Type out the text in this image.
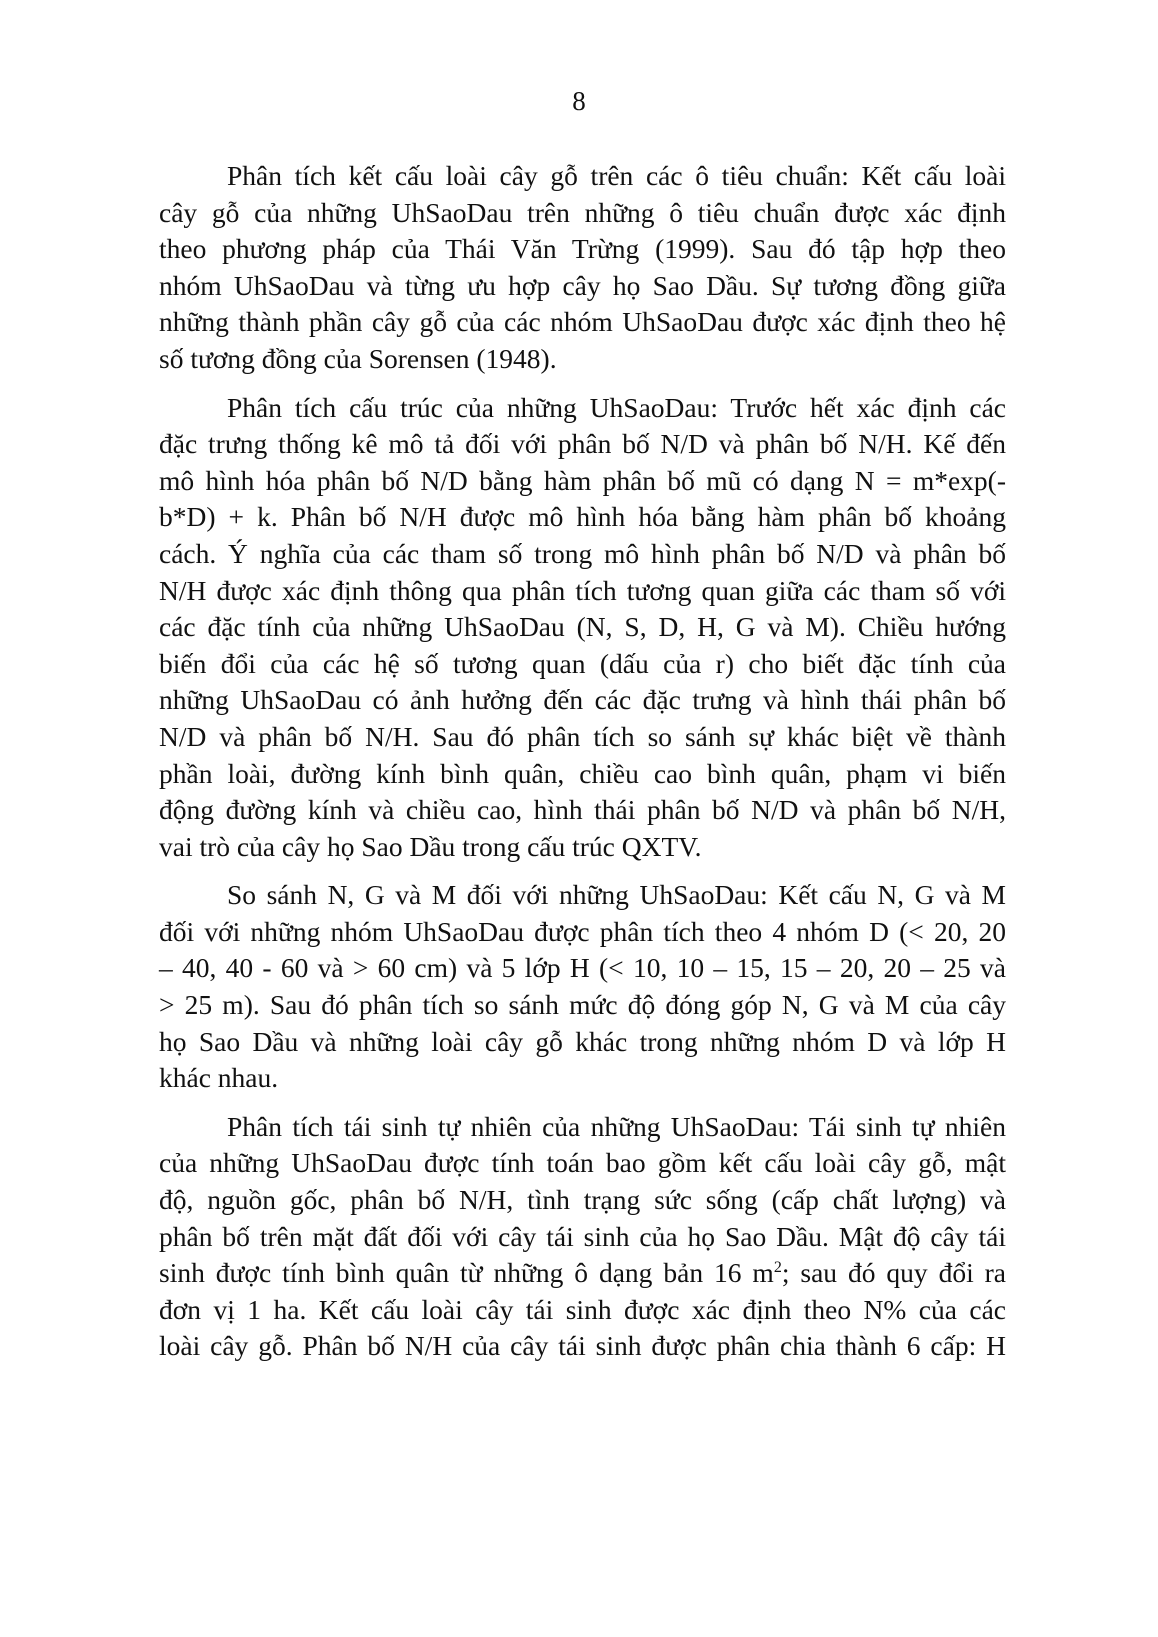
8
Phân tích kết cấu loài cây gỗ trên các ô tiêu chuẩn: Kết cấu loài
cây gỗ của những UhSaoDau trên những ô tiêu chuẩn được xác định
theo phương pháp của Thái Văn Trừng (1999). Sau đó tập hợp theo
nhóm UhSaoDau và từng ưu hợp cây họ Sao Dầu. Sự tương đồng giữa
những thành phần cây gỗ của các nhóm UhSaoDau được xác định theo hệ
số tương đồng của Sorensen (1948).
Phân tích cấu trúc của những UhSaoDau: Trước hết xác định các
đặc trưng thống kê mô tả đối với phân bố N/D và phân bố N/H. Kế đến
mô hình hóa phân bố N/D bằng hàm phân bố mũ có dạng N = m*exp(-
b*D) + k. Phân bố N/H được mô hình hóa bằng hàm phân bố khoảng
cách. Ý nghĩa của các tham số trong mô hình phân bố N/D và phân bố
N/H được xác định thông qua phân tích tương quan giữa các tham số với
các đặc tính của những UhSaoDau (N, S, D, H, G và M). Chiều hướng
biến đổi của các hệ số tương quan (dấu của r) cho biết đặc tính của
những UhSaoDau có ảnh hưởng đến các đặc trưng và hình thái phân bố
N/D và phân bố N/H. Sau đó phân tích so sánh sự khác biệt về thành
phần loài, đường kính bình quân, chiều cao bình quân, phạm vi biến
động đường kính và chiều cao, hình thái phân bố N/D và phân bố N/H,
vai trò của cây họ Sao Dầu trong cấu trúc QXTV.
So sánh N, G và M đối với những UhSaoDau: Kết cấu N, G và M
đối với những nhóm UhSaoDau được phân tích theo 4 nhóm D (< 20, 20
– 40, 40 - 60 và > 60 cm) và 5 lớp H (< 10, 10 – 15, 15 – 20, 20 – 25 và
> 25 m). Sau đó phân tích so sánh mức độ đóng góp N, G và M của cây
họ Sao Dầu và những loài cây gỗ khác trong những nhóm D và lớp H
khác nhau.
Phân tích tái sinh tự nhiên của những UhSaoDau: Tái sinh tự nhiên
của những UhSaoDau được tính toán bao gồm kết cấu loài cây gỗ, mật
độ, nguồn gốc, phân bố N/H, tình trạng sức sống (cấp chất lượng) và
phân bố trên mặt đất đối với cây tái sinh của họ Sao Dầu. Mật độ cây tái
sinh được tính bình quân từ những ô dạng bản 16 $m^2$; sau đó quy đổi ra
đơn vị 1 ha. Kết cấu loài cây tái sinh được xác định theo N% của các
loài cây gỗ. Phân bố N/H của cây tái sinh được phân chia thành 6 cấp: H
